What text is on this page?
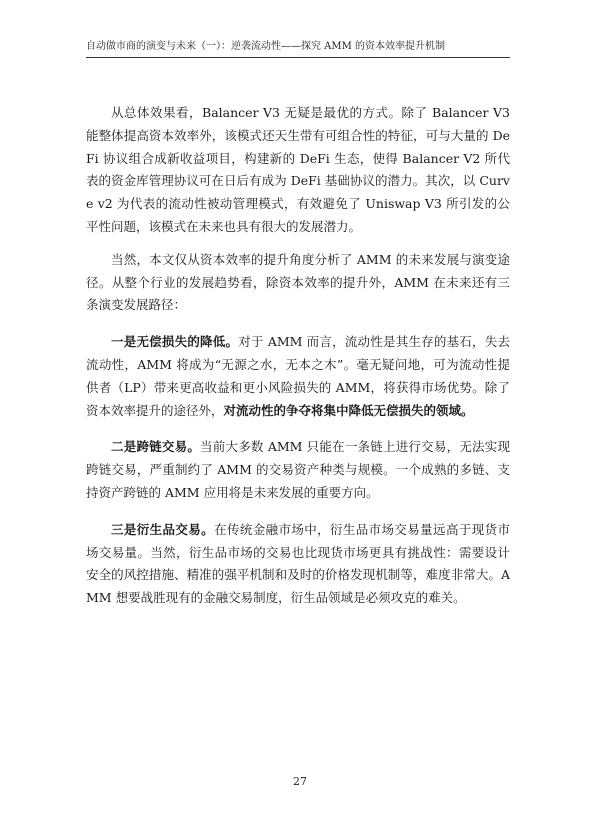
自动做市商的演变与未来（一）：逆袭流动性——探究 AMM 的资本效率提升机制

从总体效果看，Balancer V3 无疑是最优的方式。除了 Balancer V3 能整体提高资本效率外，该模式还天生带有可组合性的特征，可与大量的 DeFi 协议组合成新收益项目，构建新的 DeFi 生态，使得 Balancer V2 所代表的资金库管理协议可在日后有成为 DeFi 基础协议的潜力。其次，以 Curve v2 为代表的流动性被动管理模式，有效避免了 Uniswap V3 所引发的公平性问题，该模式在未来也具有很大的发展潜力。

当然，本文仅从资本效率的提升角度分析了 AMM 的未来发展与演变途径。从整个行业的发展趋势看，除资本效率的提升外，AMM 在未来还有三条演变发展路径：

一是无偿损失的降低。对于 AMM 而言，流动性是其生存的基石，失去流动性，AMM 将成为“无源之水，无本之木”。毫无疑问地，可为流动性提供者（LP）带来更高收益和更小风险损失的 AMM，将获得市场优势。除了资本效率提升的途径外，对流动性的争夺将集中降低无偿损失的领域。

二是跨链交易。当前大多数 AMM 只能在一条链上进行交易，无法实现跨链交易，严重制约了 AMM 的交易资产种类与规模。一个成熟的多链、支持资产跨链的 AMM 应用将是未来发展的重要方向。

三是衍生品交易。在传统金融市场中，衍生品市场交易量远高于现货市场交易量。当然，衍生品市场的交易也比现货市场更具有挑战性：需要设计安全的风控措施、精准的强平机制和及时的价格发现机制等，难度非常大。AMM 想要战胜现有的金融交易制度，衍生品领域是必须攻克的难关。

27
